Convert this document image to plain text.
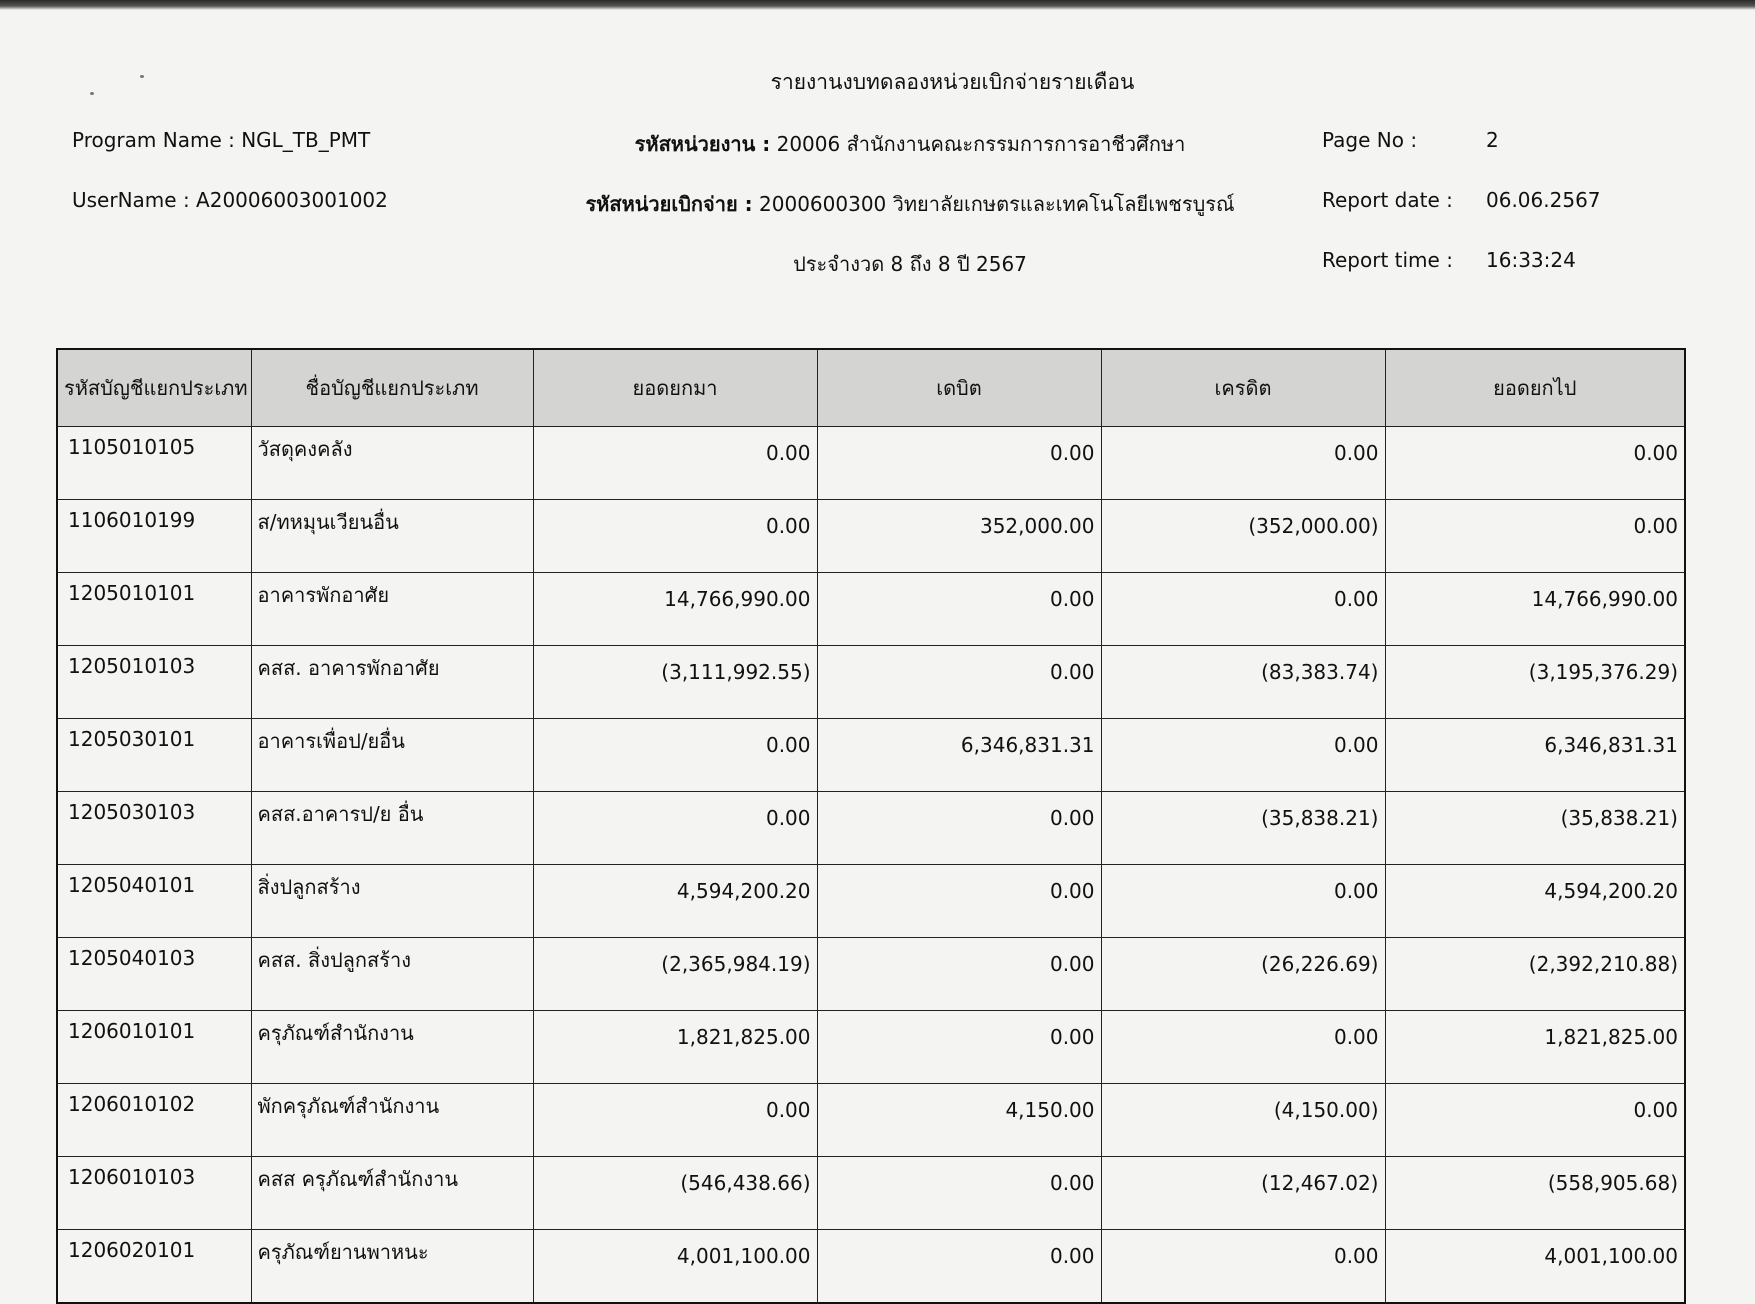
รายงานงบทดลองหน่วยเบิกจ่ายรายเดือน
Program Name : NGL_TB_PMT
UserName : A20006003001002
รหัสหน่วยงาน : 20006 สำนักงานคณะกรรมการการอาชีวศึกษา
รหัสหน่วยเบิกจ่าย : 2000600300 วิทยาลัยเกษตรและเทคโนโลยีเพชรบูรณ์
ประจำงวด 8 ถึง 8 ปี 2567
Page No :	2
Report date : 06.06.2567
Report time : 16:33:24
รหัสบัญชีแยกประเภท	ชื่อบัญชีแยกประเภท	ยอดยกมา	เดบิต	เครดิต	ยอดยกไป
1105010105	วัสดุคงคลัง	0.00	0.00	0.00	0.00
1106010199	ส/ทหมุนเวียนอื่น	0.00	352,000.00	(352,000.00)	0.00
1205010101	อาคารพักอาศัย	14,766,990.00	0.00	0.00	14,766,990.00
1205010103	คสส. อาคารพักอาศัย	(3,111,992.55)	0.00	(83,383.74)	(3,195,376.29)
1205030101	อาคารเพื่อป/ยอื่น	0.00	6,346,831.31	0.00	6,346,831.31
1205030103	คสส.อาคารป/ย อื่น	0.00	0.00	(35,838.21)	(35,838.21)
1205040101	สิ่งปลูกสร้าง	4,594,200.20	0.00	0.00	4,594,200.20
1205040103	คสส. สิ่งปลูกสร้าง	(2,365,984.19)	0.00	(26,226.69)	(2,392,210.88)
1206010101	ครุภัณฑ์สำนักงาน	1,821,825.00	0.00	0.00	1,821,825.00
1206010102	พักครุภัณฑ์สำนักงาน	0.00	4,150.00	(4,150.00)	0.00
1206010103	คสส ครุภัณฑ์สำนักงาน	(546,438.66)	0.00	(12,467.02)	(558,905.68)
1206020101	ครุภัณฑ์ยานพาหนะ	4,001,100.00	0.00	0.00	4,001,100.00
